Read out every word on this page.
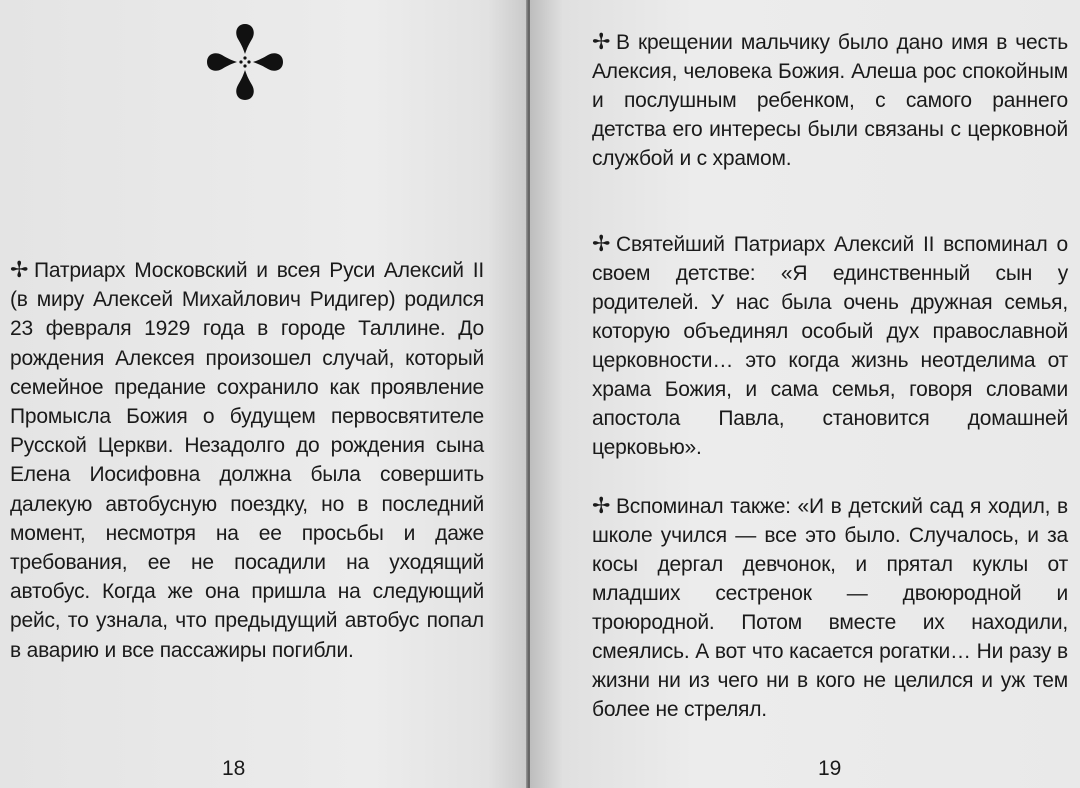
✢ Патриарх Московский и всея Руси Алексий II (в миру Алексей Михайлович Ридигер) родился 23 февраля 1929 года в городе Таллине. До рождения Алексея произошел случай, который семейное предание сохранило как проявление Промысла Божия о будущем первосвятителе Русской Церкви. Незадолго до рождения сына Елена Иосифовна должна была совершить далекую автобусную поездку, но в последний момент, несмотря на ее просьбы и даже требования, ее не посадили на уходящий автобус. Когда же она пришла на следующий рейс, то узнала, что предыдущий автобус попал в аварию и все пассажиры погибли.

18	19

✢ В крещении мальчику было дано имя в честь Алексия, человека Божия. Алеша рос спокойным и послушным ребенком, с самого раннего детства его интересы были связаны с церковной службой и с храмом.

✢ Святейший Патриарх Алексий II вспоминал о своем детстве: «Я единственный сын у родителей. У нас была очень дружная семья, которую объединял особый дух православной церковности… это когда жизнь неотделима от храма Божия, и сама семья, говоря словами апостола Павла, становится домашней церковью».

✢ Вспоминал также: «И в детский сад я ходил, в школе учился — все это было. Случалось, и за косы дергал девчонок, и прятал куклы от младших сестренок — двоюродной и троюродной. Потом вместе их находили, смеялись. А вот что касается рогатки… Ни разу в жизни ни из чего ни в кого не целился и уж тем более не стрелял.
